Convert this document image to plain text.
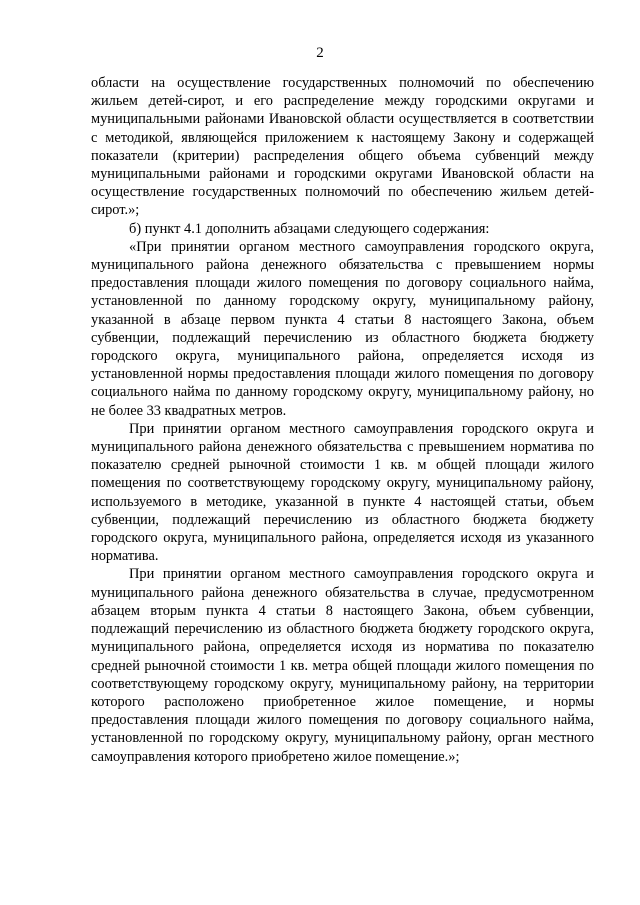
2

области на осуществление государственных полномочий по обеспечению жильем детей-сирот, и его распределение между городскими округами и муниципальными районами Ивановской области осуществляется в соответствии с методикой, являющейся приложением к настоящему Закону и содержащей показатели (критерии) распределения общего объема субвенций между муниципальными районами и городскими округами Ивановской области на осуществление государственных полномочий по обеспечению жильем детей-сирот.»;

б) пункт 4.1 дополнить абзацами следующего содержания:

«При принятии органом местного самоуправления городского округа, муниципального района денежного обязательства с превышением нормы предоставления площади жилого помещения по договору социального найма, установленной по данному городскому округу, муниципальному району, указанной в абзаце первом пункта 4 статьи 8 настоящего Закона, объем субвенции, подлежащий перечислению из областного бюджета бюджету городского округа, муниципального района, определяется исходя из установленной нормы предоставления площади жилого помещения по договору социального найма по данному городскому округу, муниципальному району, но не более 33 квадратных метров.

При принятии органом местного самоуправления городского округа и муниципального района денежного обязательства с превышением норматива по показателю средней рыночной стоимости 1 кв. м общей площади жилого помещения по соответствующему городскому округу, муниципальному району, используемого в методике, указанной в пункте 4 настоящей статьи, объем субвенции, подлежащий перечислению из областного бюджета бюджету городского округа, муниципального района, определяется исходя из указанного норматива.

При принятии органом местного самоуправления городского округа и муниципального района денежного обязательства в случае, предусмотренном абзацем вторым пункта 4 статьи 8 настоящего Закона, объем субвенции, подлежащий перечислению из областного бюджета бюджету городского округа, муниципального района, определяется исходя из норматива по показателю средней рыночной стоимости 1 кв. метра общей площади жилого помещения по соответствующему городскому округу, муниципальному району, на территории которого расположено приобретенное жилое помещение, и нормы предоставления площади жилого помещения по договору социального найма, установленной по городскому округу, муниципальному району, орган местного самоуправления которого приобретено жилое помещение.»;
